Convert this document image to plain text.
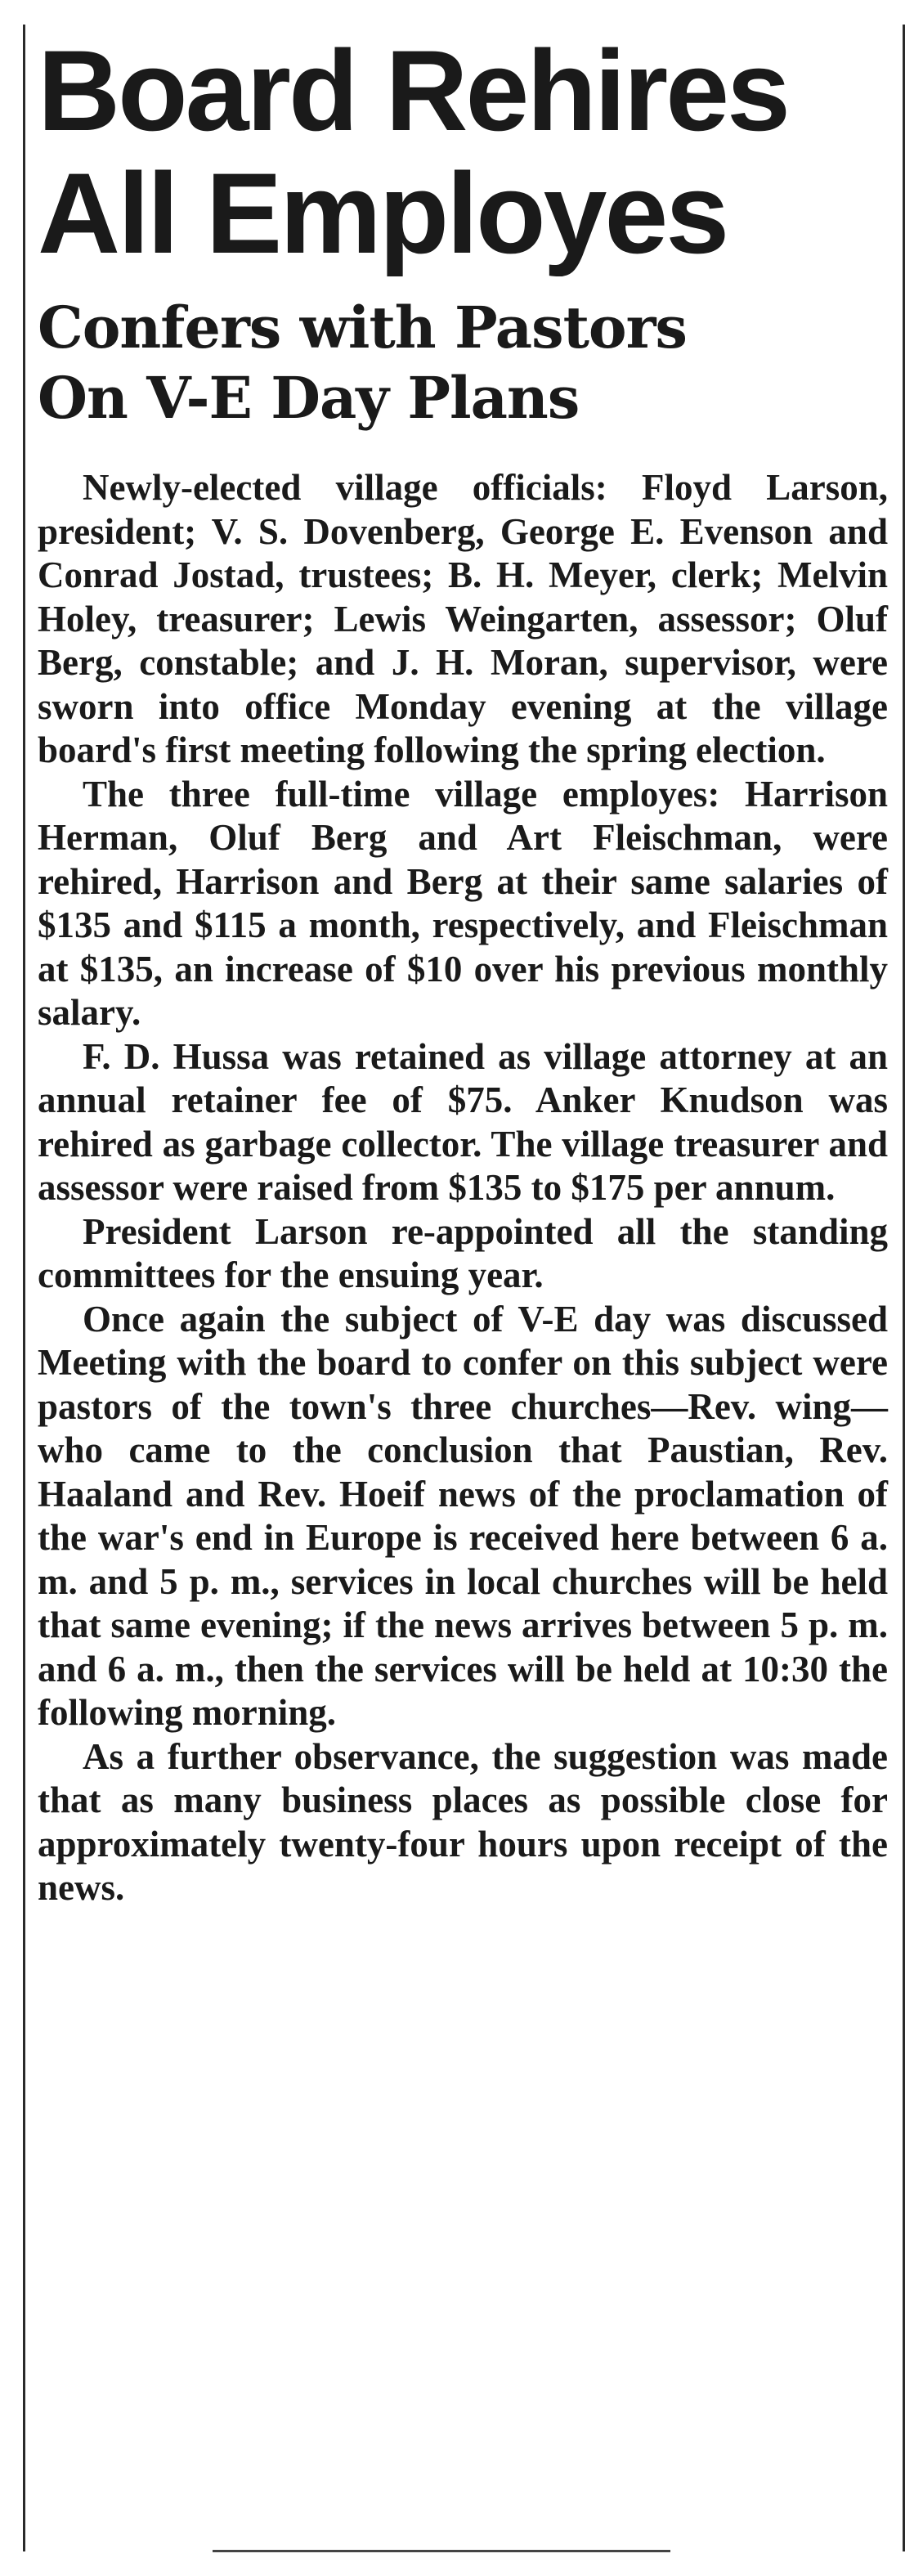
Board Rehires
All Employes
Confers with Pastors
On V-E Day Plans

Newly-elected village officials: Floyd Larson, president; V. S. Dovenberg, George E. Evenson and Conrad Jostad, trustees; B. H. Meyer, clerk; Melvin Holey, treasurer; Lewis Weingarten, assessor; Oluf Berg, constable; and J. H. Moran, supervisor, were sworn into office Monday evening at the village board's first meeting following the spring election.

The three full-time village employes: Harrison Herman, Oluf Berg and Art Fleischman, were rehired, Harrison and Berg at their same salaries of $135 and $115 a month, respectively, and Fleischman at $135, an increase of $10 over his previous monthly salary.

F. D. Hussa was retained as village attorney at an annual retainer fee of $75. Anker Knudson was rehired as garbage collector. The village treasurer and assessor were raised from $135 to $175 per annum.

President Larson re-appointed all the standing committees for the ensuing year.

Once again the subject of V-E day was discussed Meeting with the board to confer on this subject were pastors of the town's three churches—Rev. wing—who came to the conclusion that Paustian, Rev. Haaland and Rev. Hoeif news of the proclamation of the war's end in Europe is received here between 6 a. m. and 5 p. m., services in local churches will be held that same evening; if the news arrives between 5 p. m. and 6 a. m., then the services will be held at 10:30 the following morning.

As a further observance, the suggestion was made that as many business places as possible close for approximately twenty-four hours upon receipt of the news.
